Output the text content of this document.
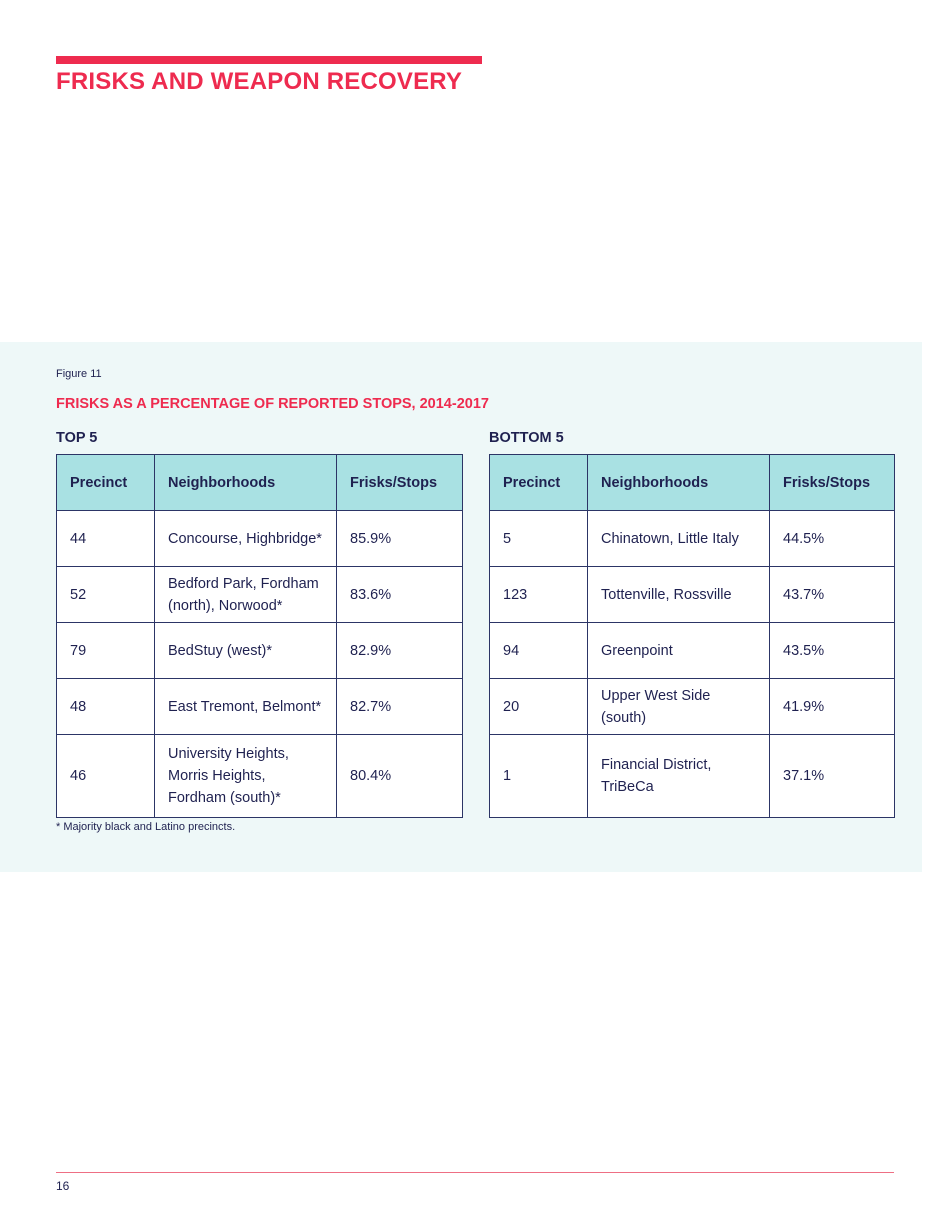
FRISKS AND WEAPON RECOVERY
Figure 11
FRISKS AS A PERCENTAGE OF REPORTED STOPS, 2014-2017
TOP 5
Precinct	Neighborhoods	Frisks/Stops
44	Concourse, Highbridge*	85.9%
52	Bedford Park, Fordham (north), Norwood*	83.6%
79	BedStuy (west)*	82.9%
48	East Tremont, Belmont*	82.7%
46	University Heights, Morris Heights, Fordham (south)*	80.4%
BOTTOM 5
Precinct	Neighborhoods	Frisks/Stops
5	Chinatown, Little Italy	44.5%
123	Tottenville, Rossville	43.7%
94	Greenpoint	43.5%
20	Upper West Side (south)	41.9%
1	Financial District, TriBeCa	37.1%
* Majority black and Latino precincts.
16
